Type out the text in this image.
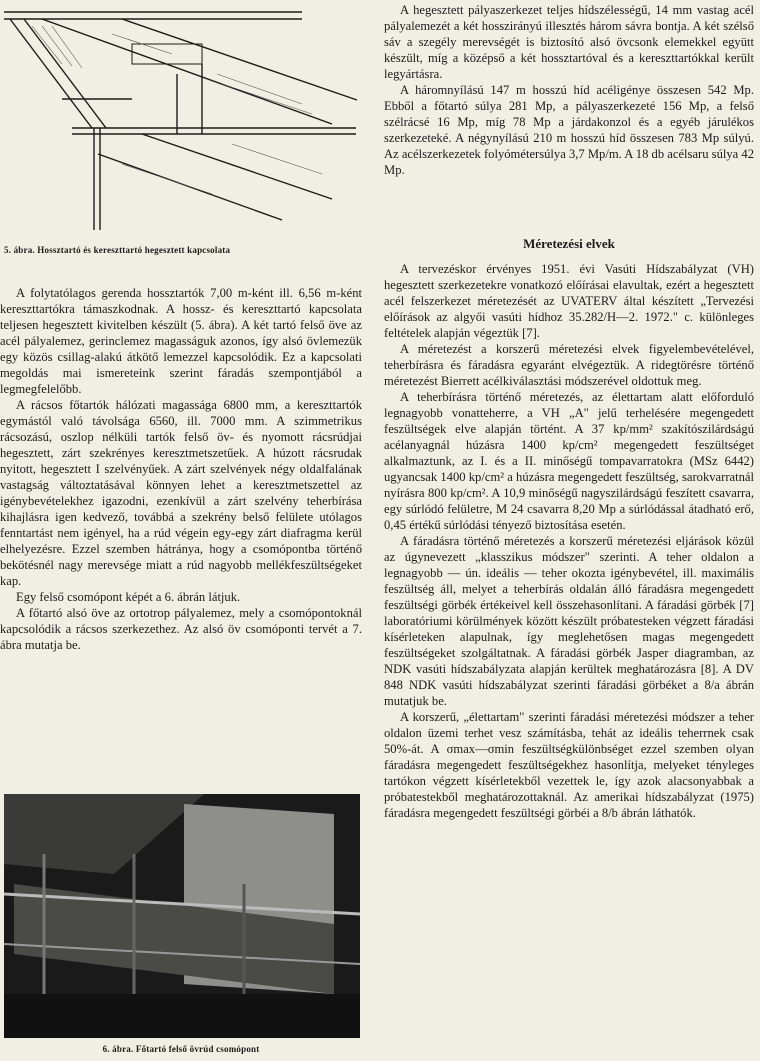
5. ábra. Hossztartó és kereszttartó hegesztett kapcsolata

A folytatólagos gerenda hossztartók 7,00 m-ként ill. 6,56 m-ként kereszttartókra támaszkodnak. A hossz- és kereszttartó kapcsolata teljesen hegesztett kivitelben készült (5. ábra). A két tartó felső öve az acél pályalemez, gerinclemez magasságuk azonos, így alsó övlemezük egy közös csillag-alakú átkötő lemezzel kapcsolódik. Ez a kapcsolati megoldás mai ismereteink szerint fáradás szempontjából a legmegfelelőbb.

A rácsos főtartók hálózati magassága 6800 mm, a kereszttartók egymástól való távolsága 6560, ill. 7000 mm. A szimmetrikus rácsozású, oszlop nélküli tartók felső öv- és nyomott rácsrúdjai hegesztett, zárt szekrényes keresztmetszetűek. A húzott rácsrudak nyitott, hegesztett I szelvényűek. A zárt szelvények négy oldalfalának vastagság változtatásával könnyen lehet a keresztmetszettel az igénybevételekhez igazodni, ezenkívül a zárt szelvény teherbírása kihajlásra igen kedvező, továbbá a szekrény belső felülete utólagos fenntartást nem igényel, ha a rúd végein egy-egy zárt diafragma kerül elhelyezésre. Ezzel szemben hátránya, hogy a csomópontba történő bekötésnél nagy merevsége miatt a rúd nagyobb mellékfeszültségeket kap.

Egy felső csomópont képét a 6. ábrán látjuk.

A főtartó alsó öve az ortotrop pályalemez, mely a csomópontoknál kapcsolódik a rácsos szerkezethez. Az alsó öv csomóponti tervét a 7. ábra mutatja be.

6. ábra. Főtartó felső övrúd csomópont

A hegesztett pályaszerkezet teljes hídszélességű, 14 mm vastag acél pályalemezét a két hosszirányú illesztés három sávra bontja. A két szélső sáv a szegély merevségét is biztosító alsó övcsonk elemekkel együtt készült, míg a középső a két hossztartóval és a kereszttartókkal került legyártásra.

A háromnyílású 147 m hosszú híd acéligénye összesen 542 Mp. Ebből a főtartó súlya 281 Mp, a pályaszerkezeté 156 Mp, a felső szélrácsé 16 Mp, míg 78 Mp a járdakonzol és a egyéb járulékos szerkezeteké. A négynyílású 210 m hosszú híd összesen 783 Mp súlyú. Az acélszerkezetek folyómétersúlya 3,7 Mp/m. A 18 db acélsaru súlya 42 Mp.

Méretezési elvek

A tervezéskor érvényes 1951. évi Vasúti Hídszabályzat (VH) hegesztett szerkezetekre vonatkozó előírásai elavultak, ezért a hegesztett acél felszerkezet méretezését az UVATERV által készített „Tervezési előírások az algyői vasúti hídhoz 35.282/H—2. 1972." c. különleges feltételek alapján végeztük [7].

A méretezést a korszerű méretezési elvek figyelembevételével, teherbírásra és fáradásra egyaránt elvégeztük. A ridegtörésre történő méretezést Bierrett acélkiválasztási módszerével oldottuk meg.

A teherbírásra történő méretezés, az élettartam alatt előforduló legnagyobb vonatteherre, a VH „A" jelű terhelésére megengedett feszültségek elve alapján történt. A 37 kp/mm² szakítószilárdságú acélanyagnál húzásra 1400 kp/cm² megengedett feszültséget alkalmaztunk, az I. és a II. minőségű tompavarratokra (MSz 6442) ugyancsak 1400 kp/cm² a húzásra megengedett feszültség, sarokvarratnál nyírásra 800 kp/cm². A 10,9 minőségű nagyszilárdságú feszített csavarra, egy súrlódó felületre, M 24 csavarra 8,20 Mp a súrlódással átadható erő, 0,45 értékű súrlódási tényező biztosítása esetén.

A fáradásra történő méretezés a korszerű méretezési eljárások közül az úgynevezett „klasszikus módszer" szerinti. A teher oldalon a legnagyobb — ún. ideális — teher okozta igénybevétel, ill. maximális feszültség áll, melyet a teherbírás oldalán álló fáradásra megengedett feszültségi görbék értékeivel kell összehasonlítani. A fáradási görbék [7] laboratóriumi körülmények között készült próbatesteken végzett fáradási kísérleteken alapulnak, így meglehetősen magas megengedett feszültségeket szolgáltatnak. A fáradási görbék Jasper diagramban, az NDK vasúti hídszabályzata alapján kerültek meghatározásra [8]. A DV 848 NDK vasúti hídszabályzat szerinti fáradási görbéket a 8/a ábrán mutatjuk be.

A korszerű, „élettartam" szerinti fáradási méretezési módszer a teher oldalon üzemi terhet vesz számításba, tehát az ideális teherrnek csak 50%-át. A σmax—σmin feszültségkülönbséget ezzel szemben olyan fáradásra megengedett feszültségekhez hasonlítja, melyeket tényleges tartókon végzett kísérletekből vezettek le, így azok alacsonyabbak a próbatestekből meghatározottaknál. Az amerikai hídszabályzat (1975) fáradásra megengedett feszültségi görbéi a 8/b ábrán láthatók.
